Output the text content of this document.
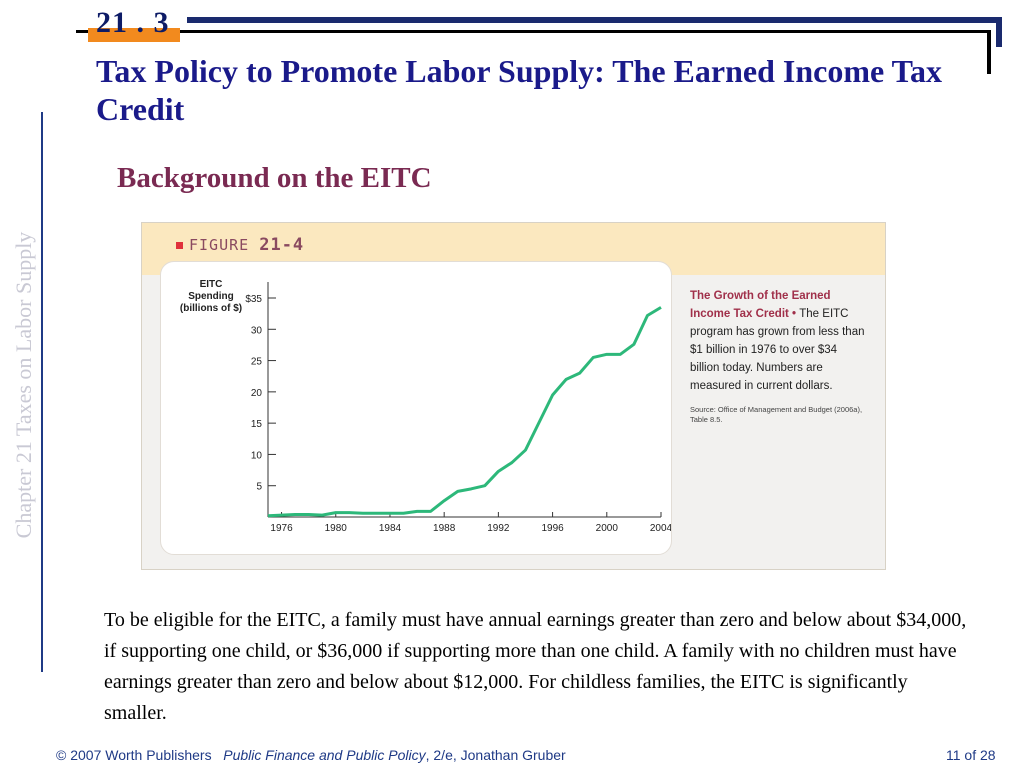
21 . 3
Tax Policy to Promote Labor Supply: The Earned Income Tax Credit
Background on the EITC
Chapter 21 Taxes on Labor Supply	FIGURE 21-4
EITC
Spending
(billions of $)
5
10
15
20
25
30
$35
1976	1980	1984	1988	1992	1996	2000	2004
The Growth of the Earned Income Tax Credit • The EITC program has grown from less than $1 billion in 1976 to over $34 billion today. Numbers are measured in current dollars.
Source: Office of Management and Budget (2006a), Table 8.5.
To be eligible for the EITC, a family must have annual earnings greater than zero and below about $34,000, if supporting one child, or $36,000 if supporting more than one child. A family with no children must have earnings greater than zero and below about $12,000. For childless families, the EITC is significantly smaller.
© 2007 Worth Publishers Public Finance and Public Policy, 2/e, Jonathan Gruber	11 of 28
